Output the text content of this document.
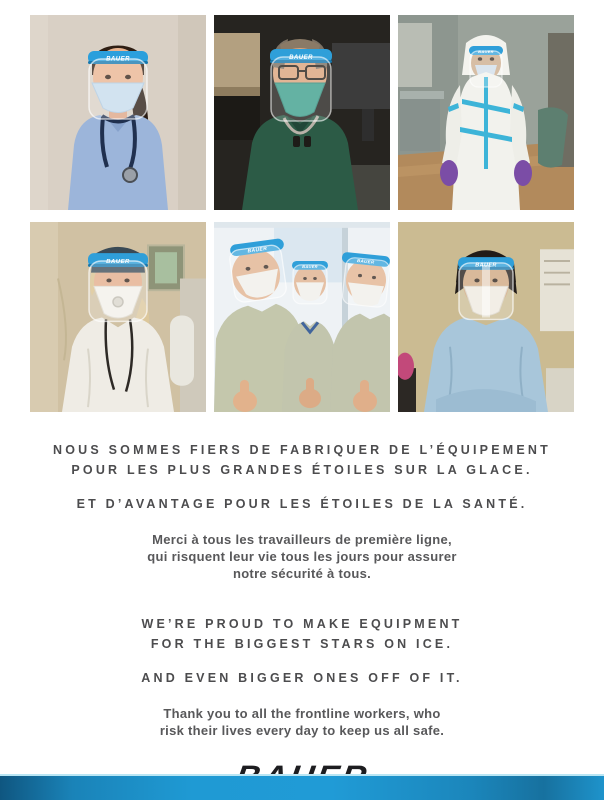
NOUS SOMMES FIERS DE FABRIQUER DE L’ÉQUIPEMENT
POUR LES PLUS GRANDES ÉTOILES SUR LA GLACE.
ET D’AVANTAGE POUR LES ÉTOILES DE LA SANTÉ.

Merci à tous les travailleurs de première ligne,
qui risquent leur vie tous les jours pour assurer
notre sécurité à tous.

WE’RE PROUD TO MAKE EQUIPMENT
FOR THE BIGGEST STARS ON ICE.
AND EVEN BIGGER ONES OFF OF IT.

Thank you to all the frontline workers, who
risk their lives every day to keep us all safe.
